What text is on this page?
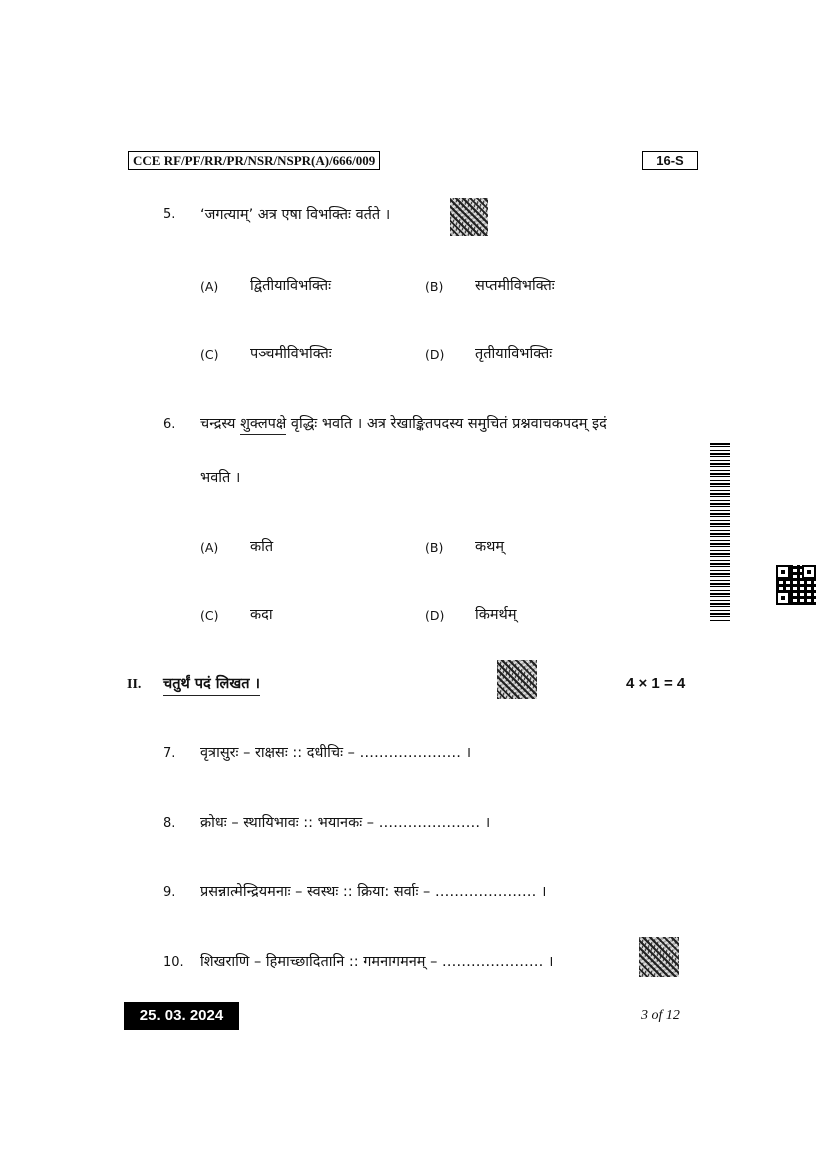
CCE RF/PF/RR/PR/NSR/NSPR(A)/666/009	16-S
5.	‘जगत्याम्’ अत्र एषा विभक्तिः वर्तते ।
(A) द्वितीयाविभक्तिः	(B) सप्तमीविभक्तिः
(C) पञ्चमीविभक्तिः	(D) तृतीयाविभक्तिः
6.	चन्द्रस्य शुक्लपक्षे वृद्धिः भवति । अत्र रेखाङ्कितपदस्य समुचितं प्रश्नवाचकपदम् इदं
भवति ।
(A) कति	(B) कथम्
(C) कदा	(D) किमर्थम्
II. चतुर्थं पदं लिखत ।	4 × 1 = 4
7.	वृत्रासुरः – राक्षसः :: दधीचिः – ………………… ।
8.	क्रोधः – स्थायिभावः :: भयानकः – ………………… ।
9.	प्रसन्नात्मेन्द्रियमनाः – स्वस्थः :: क्रिया: सर्वाः – ………………… ।
10.	शिखराणि – हिमाच्छादितानि :: गमनागमनम् – ………………… ।
25. 03. 2024	3 of 12
